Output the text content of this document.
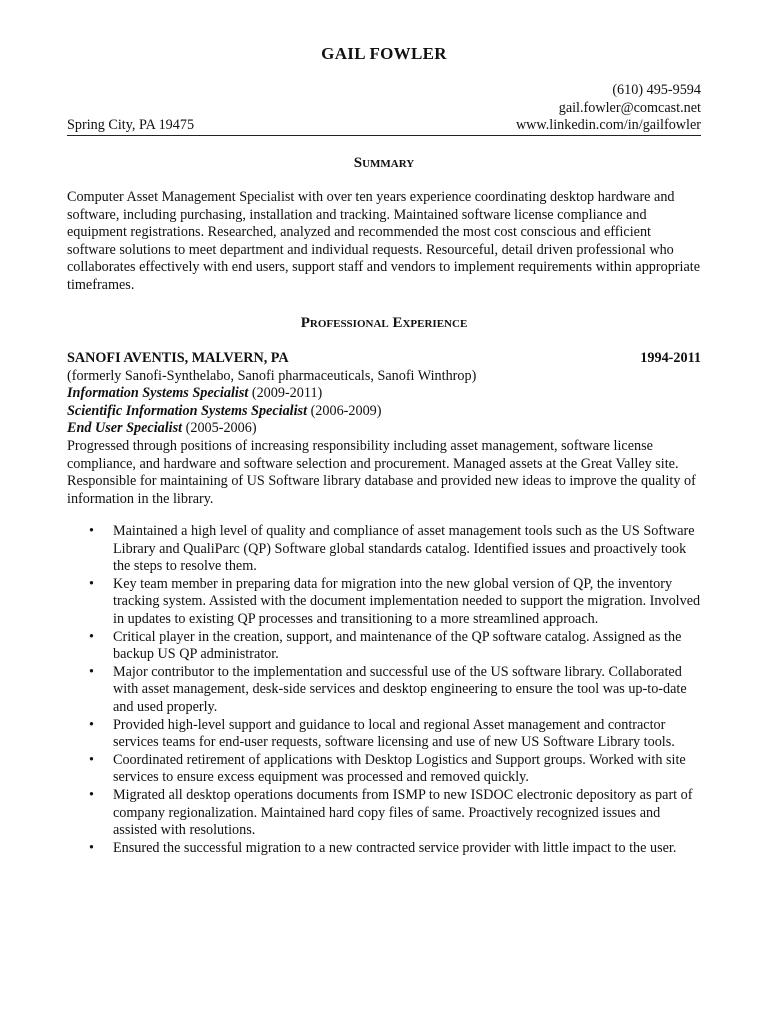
GAIL FOWLER
(610) 495-9594
gail.fowler@comcast.net
Spring City, PA 19475	www.linkedin.com/in/gailfowler
Summary
Computer Asset Management Specialist with over ten years experience coordinating desktop hardware and software, including purchasing, installation and tracking. Maintained software license compliance and equipment registrations. Researched, analyzed and recommended the most cost conscious and efficient software solutions to meet department and individual requests. Resourceful, detail driven professional who collaborates effectively with end users, support staff and vendors to implement requirements within appropriate timeframes.
Professional Experience
SANOFI AVENTIS, MALVERN, PA	1994-2011
(formerly Sanofi-Synthelabo, Sanofi pharmaceuticals, Sanofi Winthrop)
Information Systems Specialist (2009-2011)
Scientific Information Systems Specialist (2006-2009)
End User Specialist (2005-2006)
Progressed through positions of increasing responsibility including asset management, software license compliance, and hardware and software selection and procurement. Managed assets at the Great Valley site. Responsible for maintaining of US Software library database and provided new ideas to improve the quality of information in the library.
• Maintained a high level of quality and compliance of asset management tools such as the US Software Library and QualiParc (QP) Software global standards catalog. Identified issues and proactively took the steps to resolve them.
• Key team member in preparing data for migration into the new global version of QP, the inventory tracking system. Assisted with the document implementation needed to support the migration. Involved in updates to existing QP processes and transitioning to a more streamlined approach.
• Critical player in the creation, support, and maintenance of the QP software catalog. Assigned as the backup US QP administrator.
• Major contributor to the implementation and successful use of the US software library. Collaborated with asset management, desk-side services and desktop engineering to ensure the tool was up-to-date and used properly.
• Provided high-level support and guidance to local and regional Asset management and contractor services teams for end-user requests, software licensing and use of new US Software Library tools.
• Coordinated retirement of applications with Desktop Logistics and Support groups. Worked with site services to ensure excess equipment was processed and removed quickly.
• Migrated all desktop operations documents from ISMP to new ISDOC electronic depository as part of company regionalization. Maintained hard copy files of same. Proactively recognized issues and assisted with resolutions.
• Ensured the successful migration to a new contracted service provider with little impact to the user.
